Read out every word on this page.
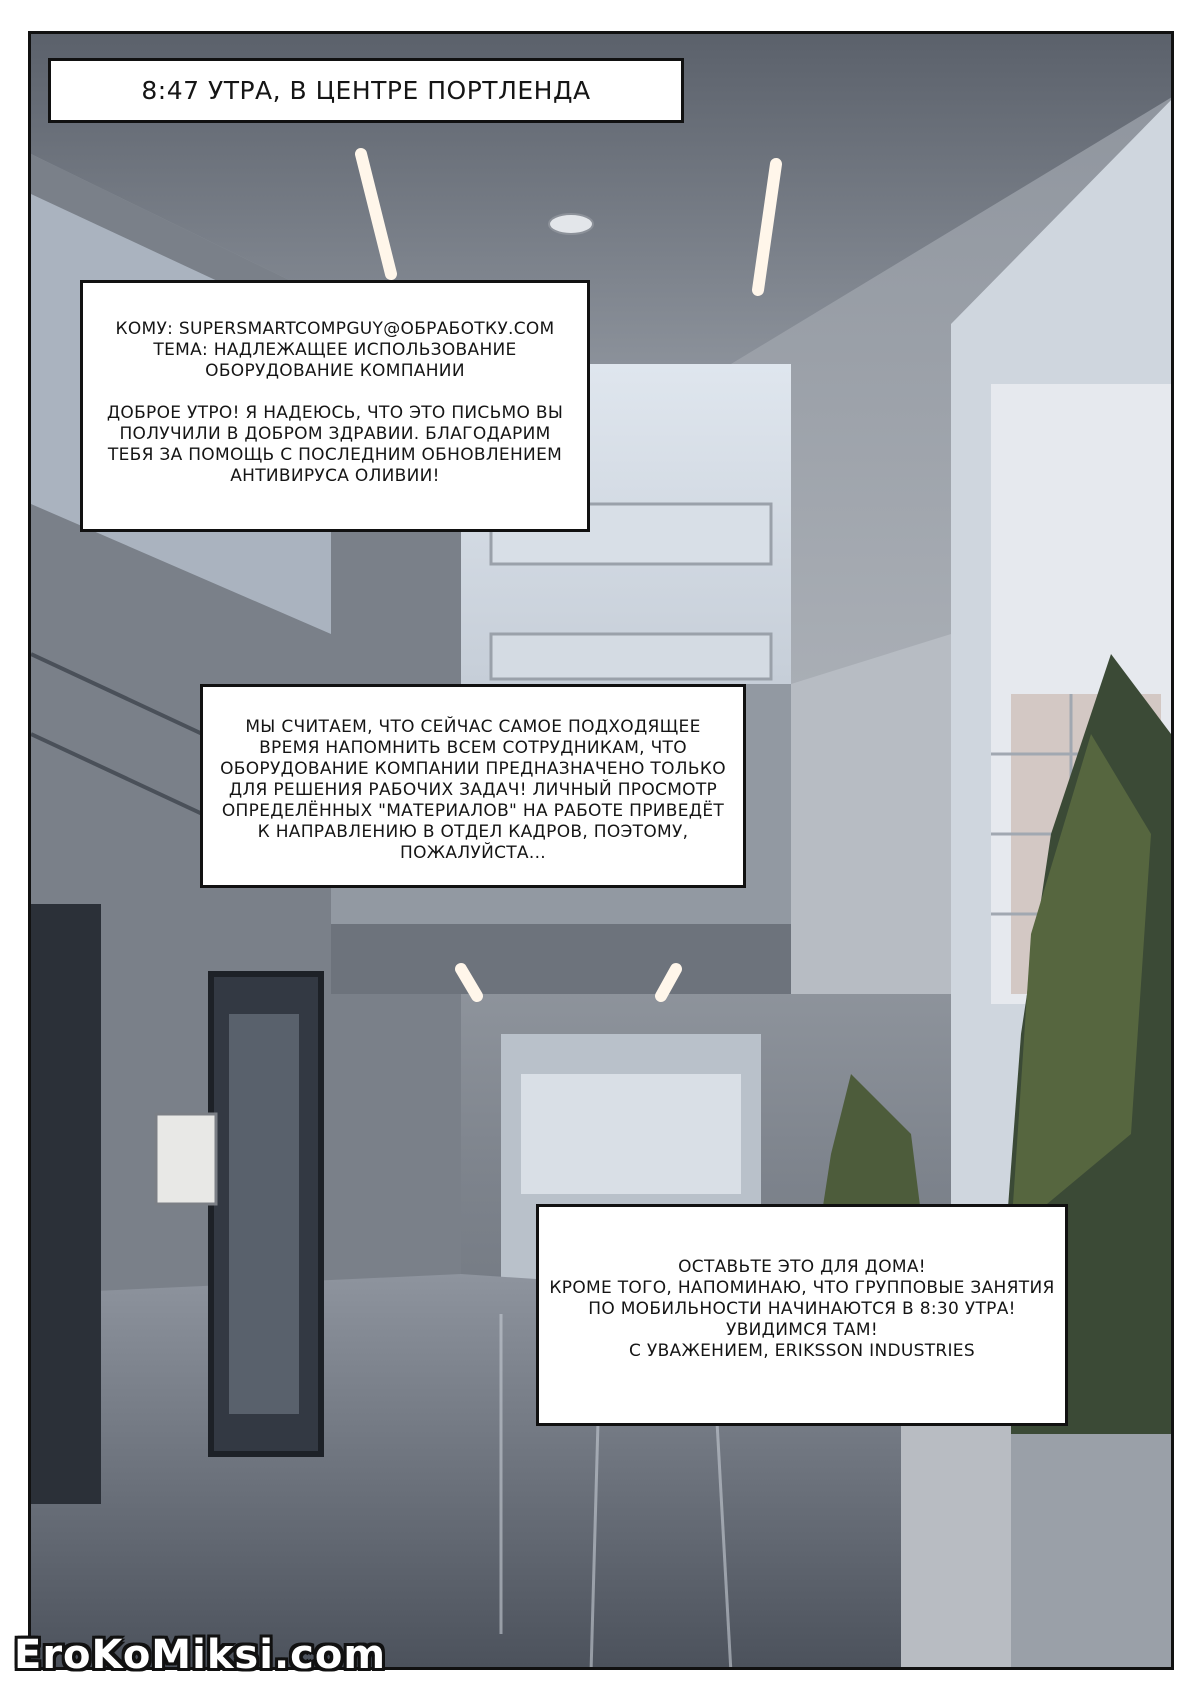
8:47 УТРА, В ЦЕНТРЕ ПОРТЛЕНДА
КОМУ: SUPERSMARTCOMPGUY@ОБРАБОТКУ.COM
ТЕМА: НАДЛЕЖАЩЕЕ ИСПОЛЬЗОВАНИЕ
ОБОРУДОВАНИЕ КОМПАНИИ
ДОБРОЕ УТРО! Я НАДЕЮСЬ, ЧТО ЭТО ПИСЬМО ВЫ
ПОЛУЧИЛИ В ДОБРОМ ЗДРАВИИ. БЛАГОДАРИМ
ТЕБЯ ЗА ПОМОЩЬ С ПОСЛЕДНИМ ОБНОВЛЕНИЕМ
АНТИВИРУСА ОЛИВИИ!
МЫ СЧИТАЕМ, ЧТО СЕЙЧАС САМОЕ ПОДХОДЯЩЕЕ
ВРЕМЯ НАПОМНИТЬ ВСЕМ СОТРУДНИКАМ, ЧТО
ОБОРУДОВАНИЕ КОМПАНИИ ПРЕДНАЗНАЧЕНО ТОЛЬКО
ДЛЯ РЕШЕНИЯ РАБОЧИХ ЗАДАЧ! ЛИЧНЫЙ ПРОСМОТР
ОПРЕДЕЛЁННЫХ "МАТЕРИАЛОВ" НА РАБОТЕ ПРИВЕДЁТ
К НАПРАВЛЕНИЮ В ОТДЕЛ КАДРОВ, ПОЭТОМУ,
ПОЖАЛУЙСТА...
ОСТАВЬТЕ ЭТО ДЛЯ ДОМА!
КРОМЕ ТОГО, НАПОМИНАЮ, ЧТО ГРУППОВЫЕ ЗАНЯТИЯ
ПО МОБИЛЬНОСТИ НАЧИНАЮТСЯ В 8:30 УТРА!
УВИДИМСЯ ТАМ!
С УВАЖЕНИЕМ, ERIKSSON INDUSTRIES
EroKoMiksi.com
